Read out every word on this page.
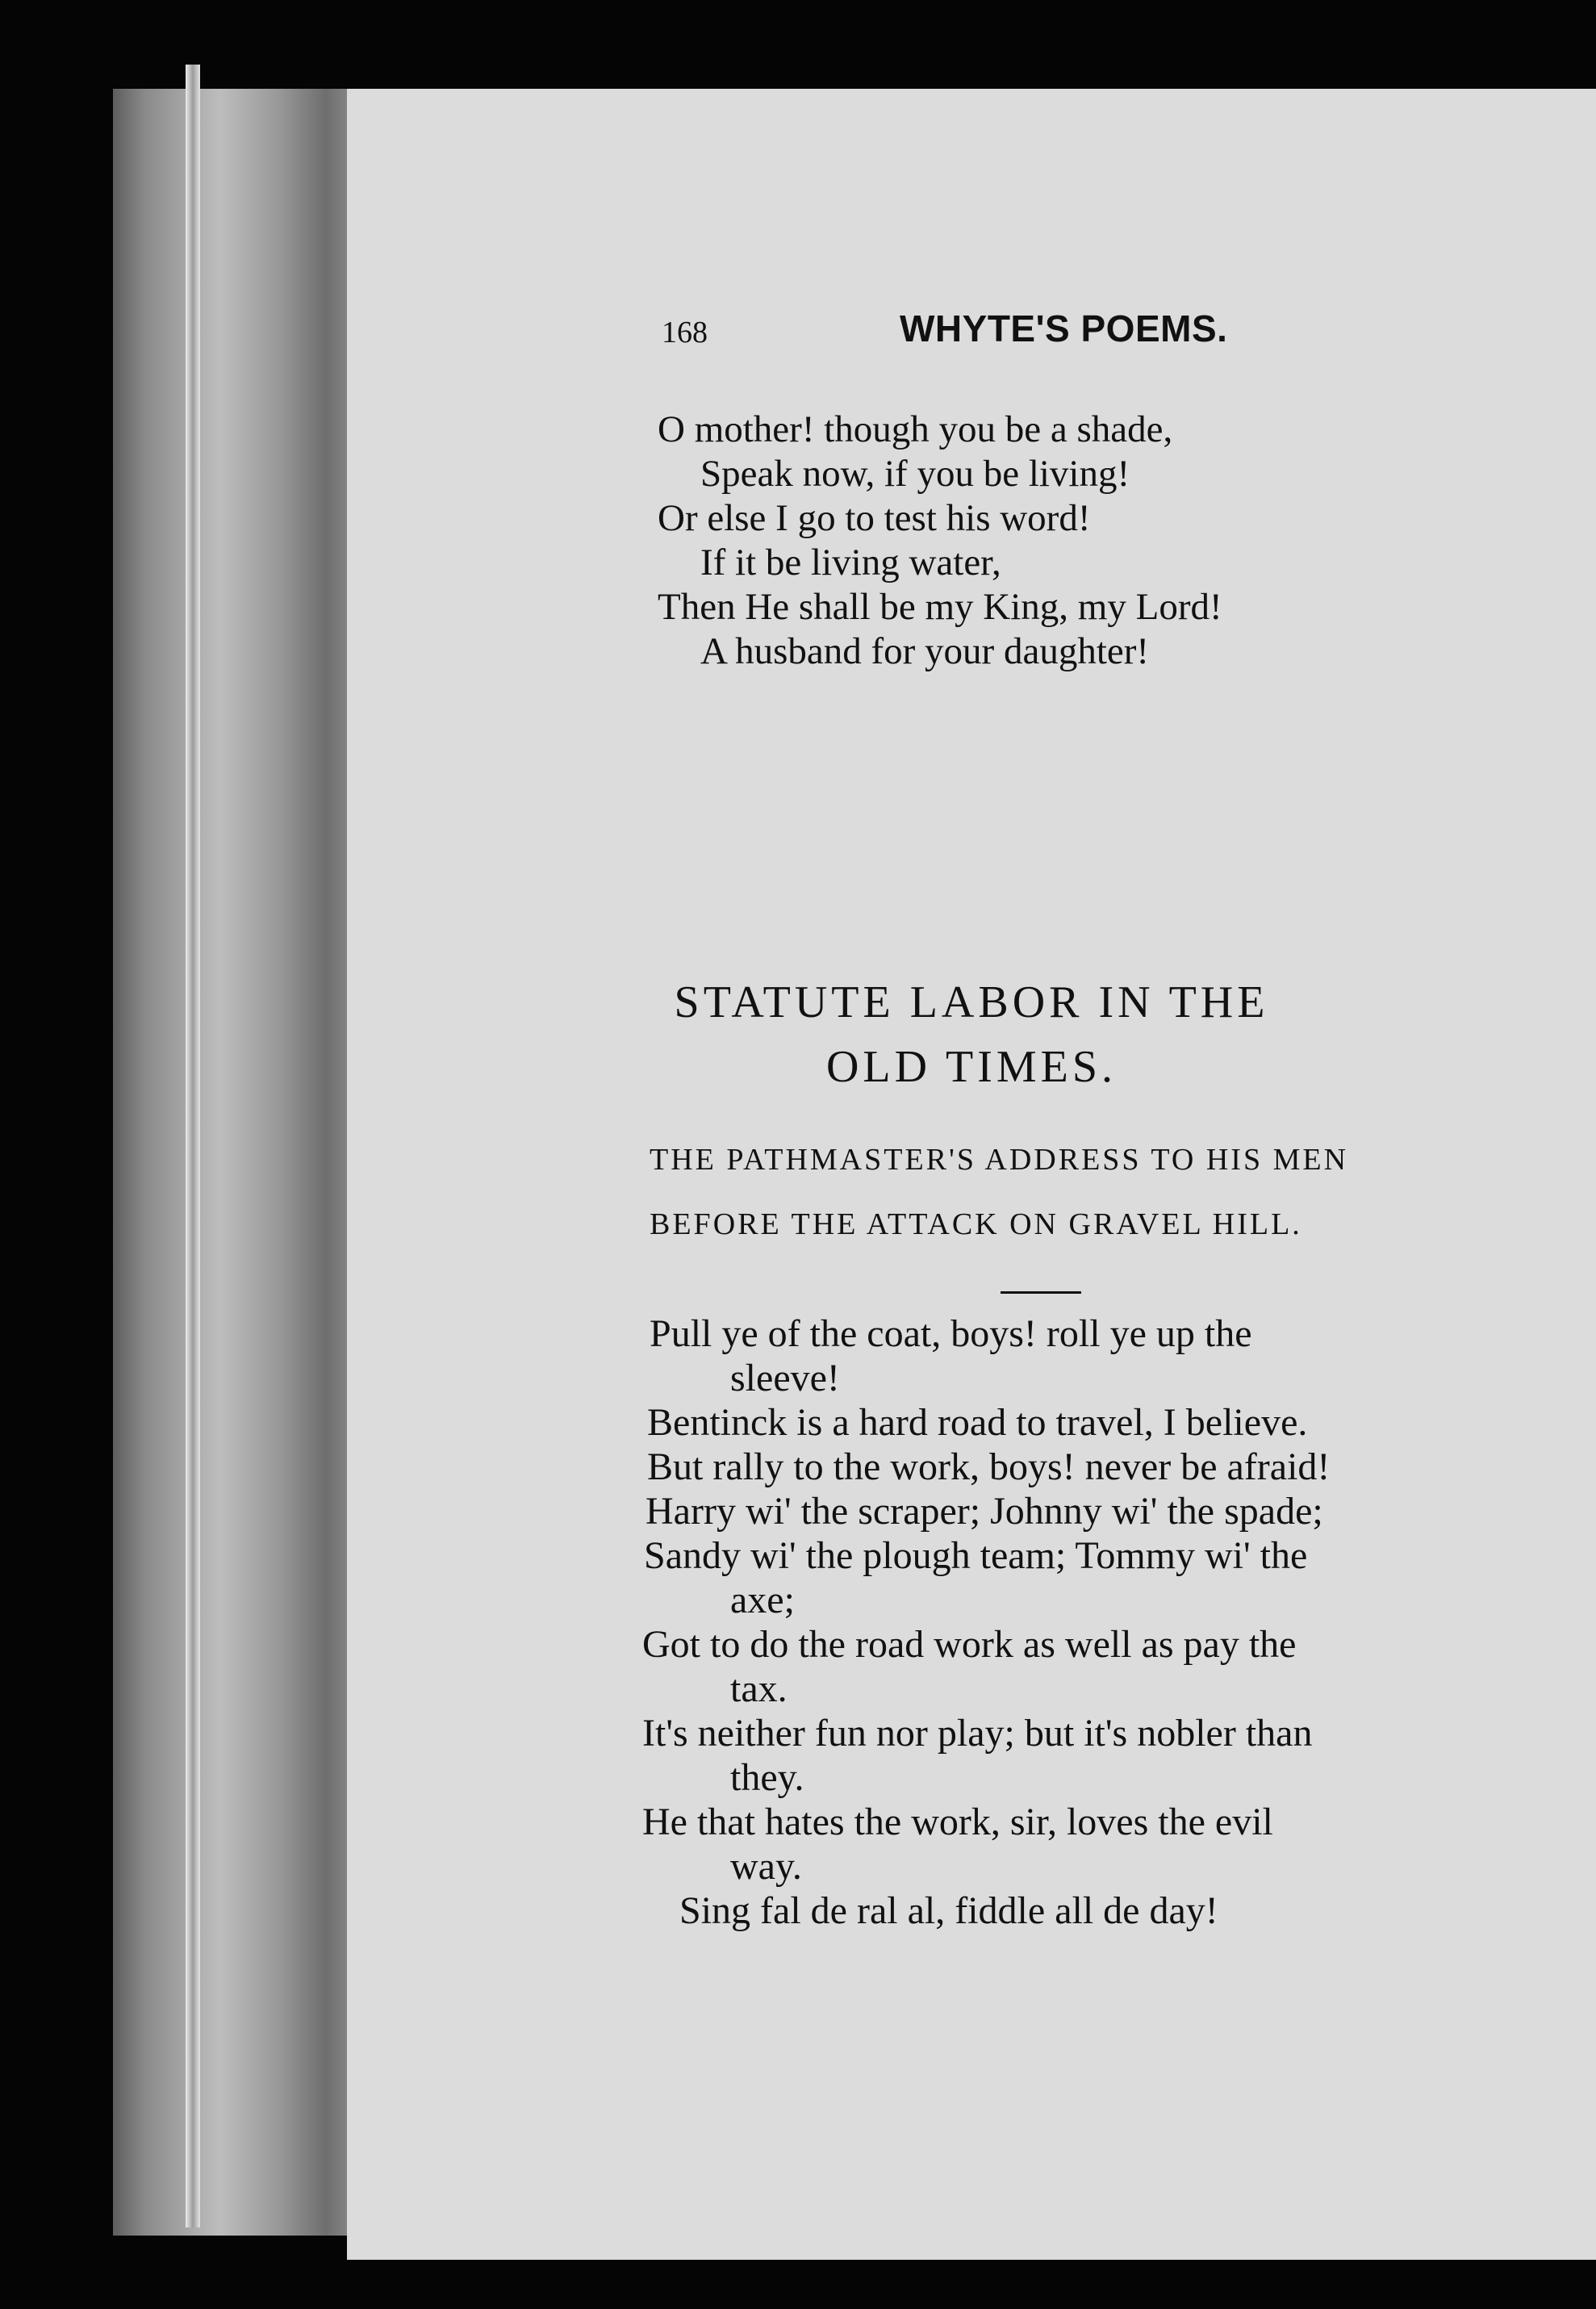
168	WHYTE'S POEMS.
O mother! though you be a shade,
Speak now, if you be living!
Or else I go to test his word!
If it be living water,
Then He shall be my King, my Lord!
A husband for your daughter!
STATUTE LABOR IN THE
OLD TIMES.
THE PATHMASTER'S ADDRESS TO HIS MEN
BEFORE THE ATTACK ON GRAVEL HILL.
Pull ye of the coat, boys! roll ye up the
sleeve!
Bentinck is a hard road to travel, I believe.
But rally to the work, boys! never be afraid!
Harry wi' the scraper; Johnny wi' the spade;
Sandy wi' the plough team; Tommy wi' the
axe;
Got to do the road work as well as pay the
tax.
It's neither fun nor play; but it's nobler than
they.
He that hates the work, sir, loves the evil
way.
Sing fal de ral al, fiddle all de day!
